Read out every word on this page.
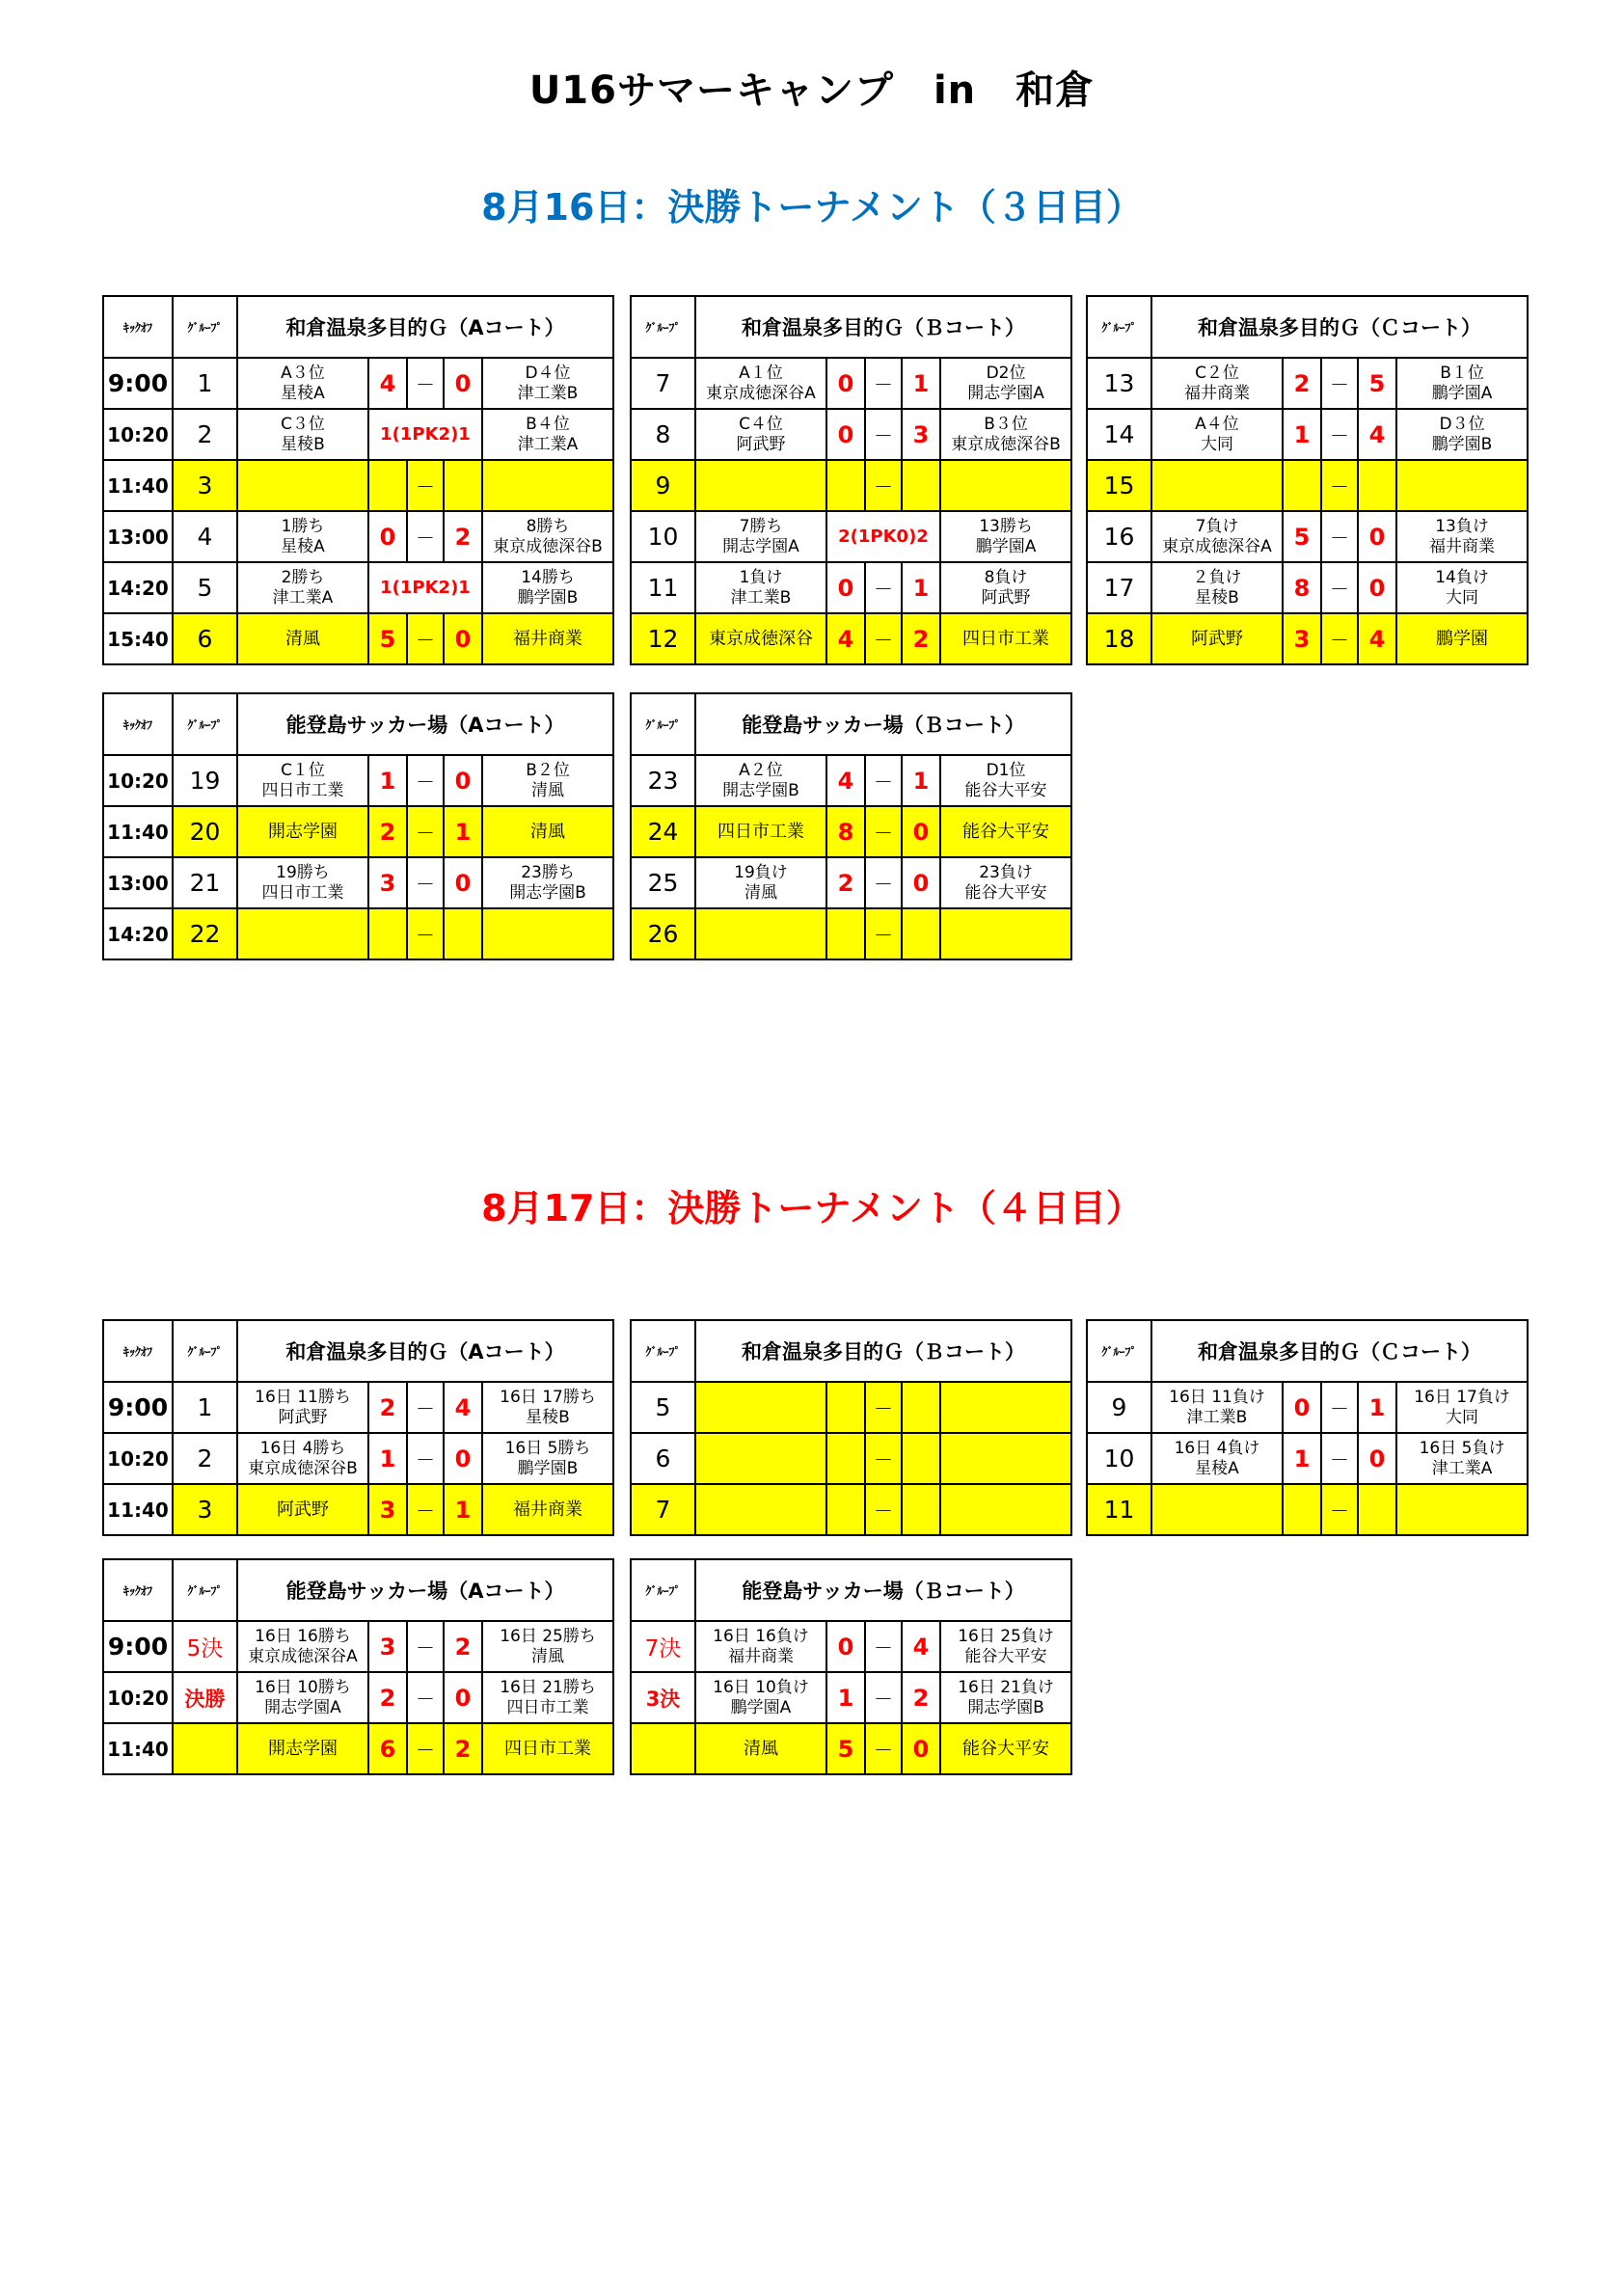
U16サマーキャンプ　in　和倉
8月16日：決勝トーナメント（３日目）
8月17日：決勝トーナメント（４日目）
ｷｯｸｵﾌ	ｸﾞﾙｰﾌﾟ	和倉温泉多目的Ｇ（Aコート）				
9:00	1	A３位
星稜A	4	－	0	D４位
津工業B

10:20	2	C３位
星稜B	1(1PK2)1			B４位
津工業A

11:40	3			－		
13:00	4	1勝ち
星稜A	0	－	2	8勝ち
東京成徳深谷B

14:20	5	2勝ち
津工業A	1(1PK2)1			14勝ち
鵬学園B

15:40	6	清風	5	－	0	福井商業
ｸﾞﾙｰﾌﾟ	和倉温泉多目的Ｇ（Ｂコート）				
7	A１位
東京成徳深谷A	0	－	1	D2位
開志学園A

8	C４位
阿武野	0	－	3	B３位
東京成徳深谷B

9			－		
10	7勝ち
開志学園A	2(1PK0)2			13勝ち
鵬学園A

11	1負け
津工業B	0	－	1	8負け
阿武野

12	東京成徳深谷	4	－	2	四日市工業
ｸﾞﾙｰﾌﾟ	和倉温泉多目的Ｇ（Ｃコート）				
13	C２位
福井商業	2	－	5	B１位
鵬学園A

14	A４位
大同	1	－	4	D３位
鵬学園B

15			－		
16	7負け
東京成徳深谷A	5	－	0	13負け
福井商業

17	２負け
星稜B	8	－	0	14負け
大同

18	阿武野	3	－	4	鵬学園
ｷｯｸｵﾌ	ｸﾞﾙｰﾌﾟ	能登島サッカー場（Aコート）				
10:20	19	C１位
四日市工業	1	－	0	B２位
清風

11:40	20	開志学園	2	－	1	清風

13:00	21	19勝ち
四日市工業	3	－	0	23勝ち
開志学園B

14:20	22			－		
ｸﾞﾙｰﾌﾟ	能登島サッカー場（Ｂコート）				
23	A２位
開志学園B	4	－	1	D1位
能谷大平安

24	四日市工業	8	－	0	能谷大平安

25	19負け
清風	2	－	0	23負け
能谷大平安

26			－		
ｷｯｸｵﾌ	ｸﾞﾙｰﾌﾟ	和倉温泉多目的Ｇ（Aコート）				
9:00	1	16日 11勝ち
阿武野	2	－	4	16日 17勝ち
星稜B

10:20	2	16日 4勝ち
東京成徳深谷B	1	－	0	16日 5勝ち
鵬学園B

11:40	3	阿武野	3	－	1	福井商業
ｸﾞﾙｰﾌﾟ	和倉温泉多目的Ｇ（Ｂコート）				
5			－		
6			－		
7			－		
ｸﾞﾙｰﾌﾟ	和倉温泉多目的Ｇ（Ｃコート）				
9	16日 11負け
津工業B	0	－	1	16日 17負け
大同

10	16日 4負け
星稜A	1	－	0	16日 5負け
津工業A

11			－		
ｷｯｸｵﾌ	ｸﾞﾙｰﾌﾟ	能登島サッカー場（Aコート）				
9:00	5決	16日 16勝ち
東京成徳深谷A	3	－	2	16日 25勝ち
清風

10:20	決勝	16日 10勝ち
開志学園A	2	－	0	16日 21勝ち
四日市工業

11:40		開志学園	6	－	2	四日市工業
ｸﾞﾙｰﾌﾟ	能登島サッカー場（Ｂコート）				
7決	16日 16負け
福井商業	0	－	4	16日 25負け
能谷大平安

3決	16日 10負け
鵬学園A	1	－	2	16日 21負け
開志学園B

	清風	5	－	0	能谷大平安
